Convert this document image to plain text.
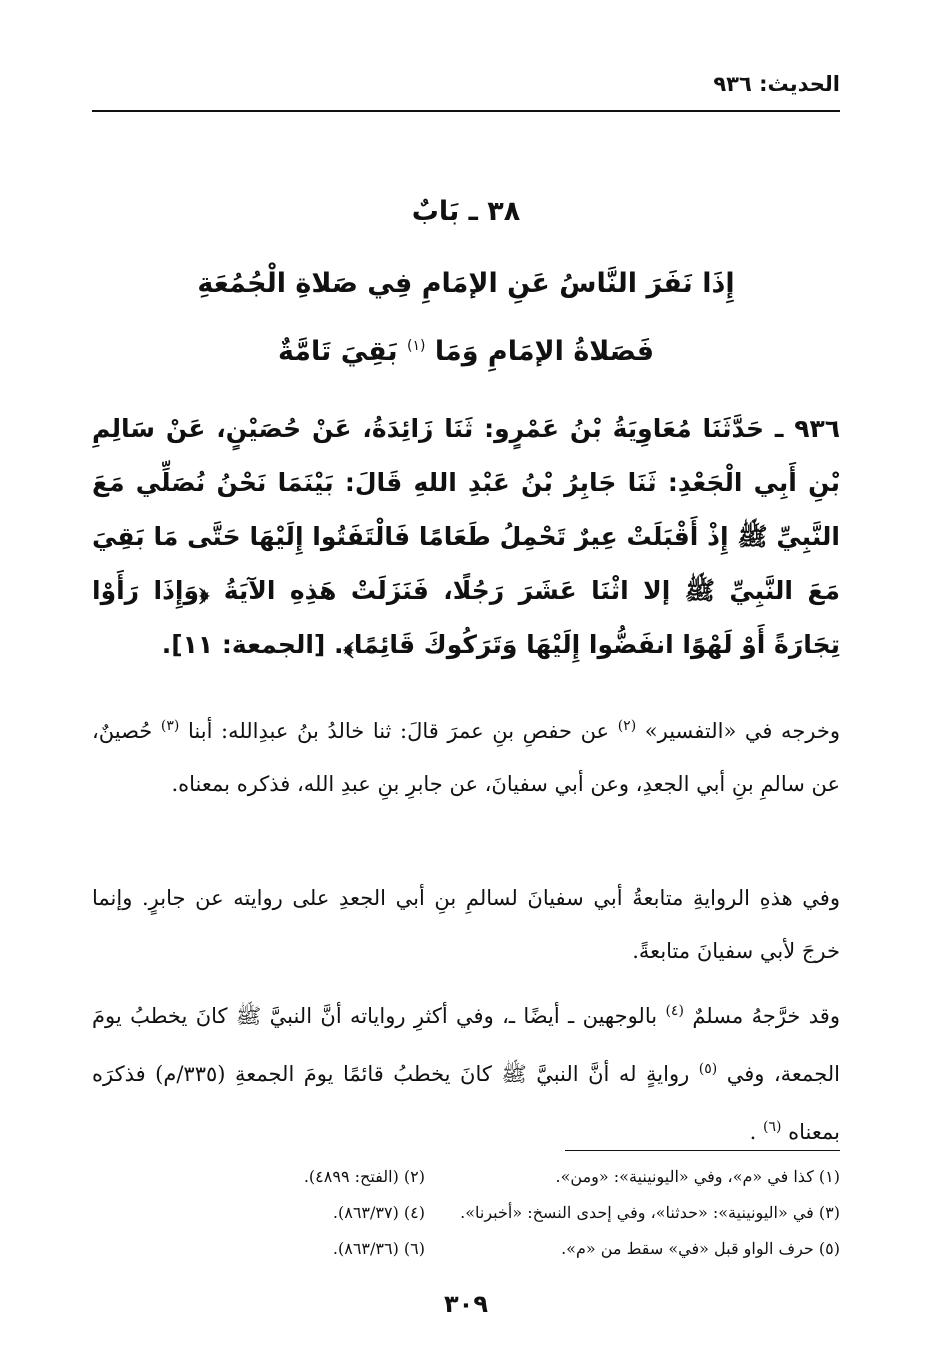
الحديث: ٩٣٦
٣٨ ـ بَابٌ
إِذَا نَفَرَ النَّاسُ عَنِ الإمَامِ فِي صَلاةِ الْجُمُعَةِ
فَصَلاةُ الإمَامِ وَمَا $^{(١)}$ بَقِيَ تَامَّةٌ
٩٣٦ ـ حَدَّثَنَا مُعَاوِيَةُ بْنُ عَمْرٍو: ثَنَا زَائِدَةُ، عَنْ حُصَيْنٍ، عَنْ سَالِمِ بْنِ أَبِي الْجَعْدِ: ثَنَا جَابِرُ بْنُ عَبْدِ اللهِ قَالَ: بَيْنَمَا نَحْنُ نُصَلِّي مَعَ النَّبِيِّ ﷺ إِذْ أَقْبَلَتْ عِيرٌ تَحْمِلُ طَعَامًا فَالْتَفَتُوا إِلَيْهَا حَتَّى مَا بَقِيَ مَعَ النَّبِيِّ ﷺ إلا اثْنَا عَشَرَ رَجُلًا، فَنَزَلَتْ هَذِهِ الآيَةُ ﴿وَإِذَا رَأَوْا تِجَارَةً أَوْ لَهْوًا انفَضُّوا إِلَيْهَا وَتَرَكُوكَ قَائِمًا﴾. [الجمعة: ١١].
وخرجه في «التفسير» $^{(٢)}$ عن حفصِ بنِ عمرَ قالَ: ثنا خالدُ بنُ عبدِالله: أبنا $^{(٣)}$ حُصينٌ، عن سالمِ بنِ أبي الجعدِ، وعن أبي سفيانَ، عن جابرِ بنِ عبدِ الله، فذكره بمعناه.
وفي هذهِ الروايةِ متابعةُ أبي سفيانَ لسالمِ بنِ أبي الجعدِ على روايته عن جابرٍ. وإنما خرجَ لأبي سفيانَ متابعةً.
وقد خرَّجهُ مسلمٌ $^{(٤)}$ بالوجهين ـ أيضًا ـ، وفي أكثرِ رواياته أنَّ النبيَّ ﷺ كانَ يخطبُ يومَ الجمعة، وفي $^{(٥)}$ روايةٍ له أنَّ النبيَّ ﷺ كانَ يخطبُ قائمًا يومَ الجمعةِ (٣٣٥/م) فذكرَه بمعناه $^{(٦)}$ .
(١) كذا في «م»، وفي «اليونينية»: «ومن».
(٢) (الفتح: ٤٨٩٩).
(٣) في «اليونينية»: «حدثنا»، وفي إحدى النسخ: «أخبرنا».
(٤) (٨٦٣/٣٧).
(٥) حرف الواو قبل «في» سقط من «م».
(٦) (٨٦٣/٣٦).
٣٠٩
